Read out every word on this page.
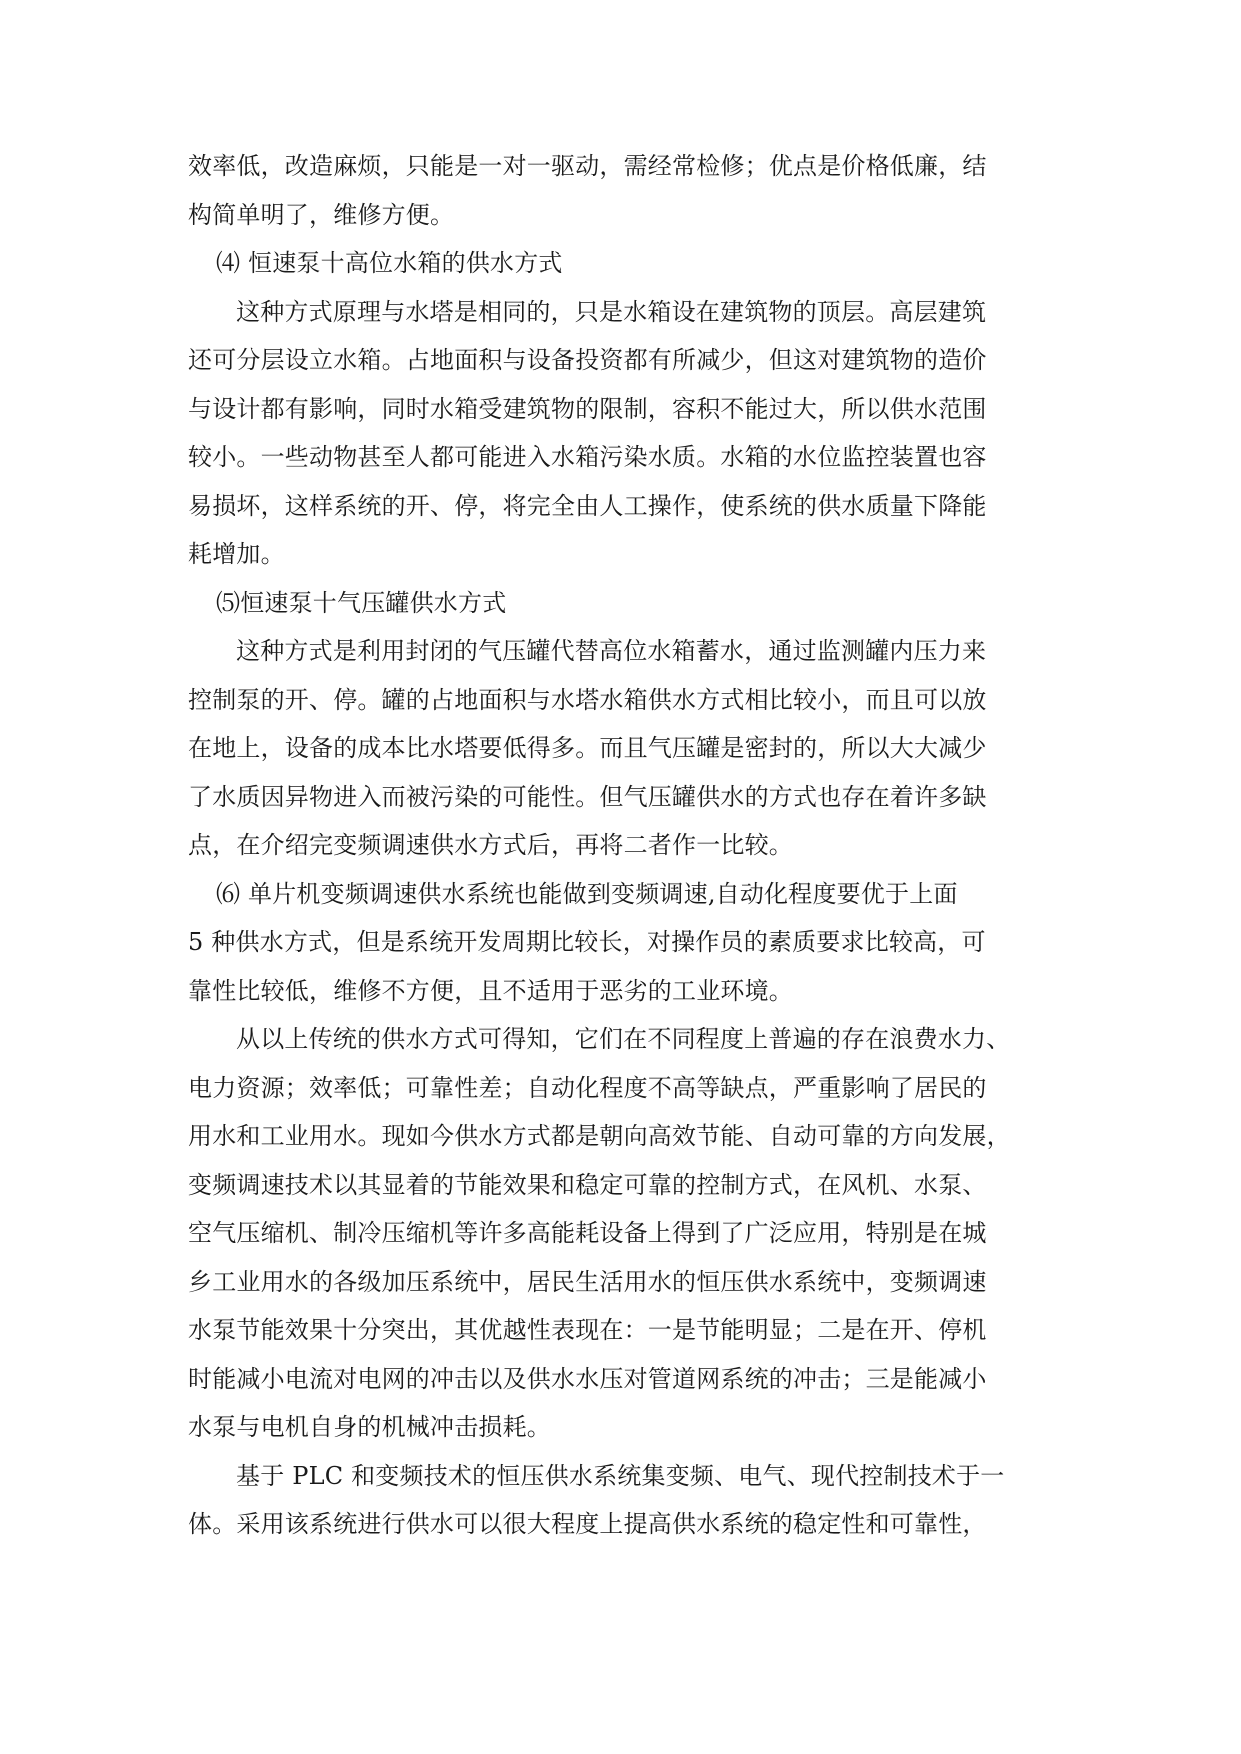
效率低，改造麻烦，只能是一对一驱动，需经常检修；优点是价格低廉，结
构简单明了，维修方便。
⑷ 恒速泵十高位水箱的供水方式
这种方式原理与水塔是相同的，只是水箱设在建筑物的顶层。高层建筑
还可分层设立水箱。占地面积与设备投资都有所减少，但这对建筑物的造价
与设计都有影响，同时水箱受建筑物的限制，容积不能过大，所以供水范围
较小。一些动物甚至人都可能进入水箱污染水质。水箱的水位监控装置也容
易损坏，这样系统的开、停，将完全由人工操作，使系统的供水质量下降能
耗增加。
⑸恒速泵十气压罐供水方式
这种方式是利用封闭的气压罐代替高位水箱蓄水，通过监测罐内压力来
控制泵的开、停。罐的占地面积与水塔水箱供水方式相比较小，而且可以放
在地上，设备的成本比水塔要低得多。而且气压罐是密封的，所以大大减少
了水质因异物进入而被污染的可能性。但气压罐供水的方式也存在着许多缺
点，在介绍完变频调速供水方式后，再将二者作一比较。
⑹ 单片机变频调速供水系统也能做到变频调速,自动化程度要优于上面
5 种供水方式，但是系统开发周期比较长，对操作员的素质要求比较高，可
靠性比较低，维修不方便，且不适用于恶劣的工业环境。
从以上传统的供水方式可得知，它们在不同程度上普遍的存在浪费水力、
电力资源；效率低；可靠性差；自动化程度不高等缺点，严重影响了居民的
用水和工业用水。现如今供水方式都是朝向高效节能、自动可靠的方向发展，
变频调速技术以其显着的节能效果和稳定可靠的控制方式，在风机、水泵、
空气压缩机、制冷压缩机等许多高能耗设备上得到了广泛应用，特别是在城
乡工业用水的各级加压系统中，居民生活用水的恒压供水系统中，变频调速
水泵节能效果十分突出，其优越性表现在：一是节能明显；二是在开、停机
时能减小电流对电网的冲击以及供水水压对管道网系统的冲击；三是能减小
水泵与电机自身的机械冲击损耗。
基于 PLC 和变频技术的恒压供水系统集变频、电气、现代控制技术于一
体。采用该系统进行供水可以很大程度上提高供水系统的稳定性和可靠性，
